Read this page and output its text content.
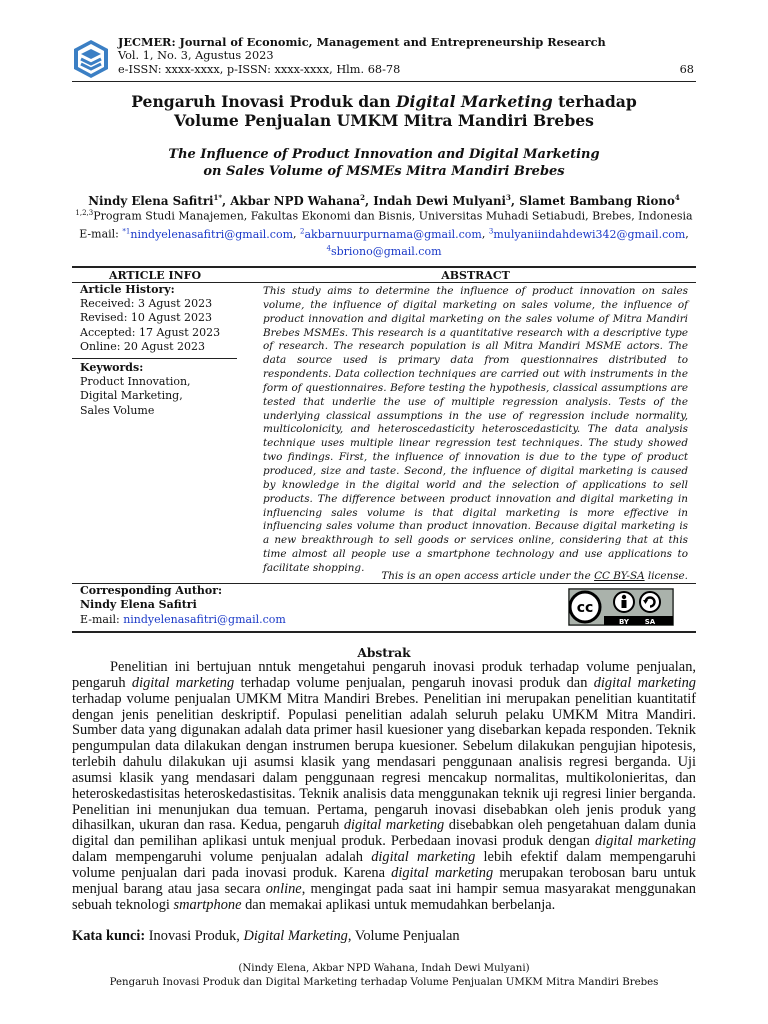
JECMER: Journal of Economic, Management and Entrepreneurship Research
Vol. 1, No. 3, Agustus 2023
e-ISSN: xxxx-xxxx, p-ISSN: xxxx-xxxx, Hlm. 68-78	68
Pengaruh Inovasi Produk dan Digital Marketing terhadap
Volume Penjualan UMKM Mitra Mandiri Brebes
The Influence of Product Innovation and Digital Marketing
on Sales Volume of MSMEs Mitra Mandiri Brebes
Nindy Elena Safitri$^{1*}$, Akbar NPD Wahana$^2$, Indah Dewi Mulyani$^3$, Slamet Bambang Riono$^4$
$^{1,2,3}$Program Studi Manajemen, Fakultas Ekonomi dan Bisnis, Universitas Muhadi Setiabudi, Brebes, Indonesia
E-mail: $^{*1}$nindyelenasafitri@gmail.com, $^2$akbarnuurpurnama@gmail.com, $^3$mulyaniindahdewi342@gmail.com,
$^4$sbriono@gmail.com
ARTICLE INFO	ABSTRACT
Article History:
Received: 3 Agust 2023
Revised: 10 Agust 2023
Accepted: 17 Agust 2023
Online: 20 Agust 2023
Keywords:
Product Innovation,
Digital Marketing,
Sales Volume
This study aims to determine the influence of product innovation on sales volume, the influence of digital marketing on sales volume, the influence of product innovation and digital marketing on the sales volume of Mitra Mandiri Brebes MSMEs. This research is a quantitative research with a descriptive type of research. The research population is all Mitra Mandiri MSME actors. The data source used is primary data from questionnaires distributed to respondents. Data collection techniques are carried out with instruments in the form of questionnaires. Before testing the hypothesis, classical assumptions are tested that underlie the use of multiple regression analysis. Tests of the underlying classical assumptions in the use of regression include normality, multicolonicity, and heteroscedasticity heteroscedasticity. The data analysis technique uses multiple linear regression test techniques. The study showed two findings. First, the influence of innovation is due to the type of product produced, size and taste. Second, the influence of digital marketing is caused by knowledge in the digital world and the selection of applications to sell products. The difference between product innovation and digital marketing in influencing sales volume is that digital marketing is more effective in influencing sales volume than product innovation. Because digital marketing is a new breakthrough to sell goods or services online, considering that at this time almost all people use a smartphone technology and use applications to facilitate shopping.
This is an open access article under the CC BY-SA license.
Corresponding Author:
Nindy Elena Safitri
E-mail: nindyelenasafitri@gmail.com
cc
BY SA
Abstrak
Penelitian ini bertujuan nntuk mengetahui pengaruh inovasi produk terhadap volume penjualan, pengaruh digital marketing terhadap volume penjualan, pengaruh inovasi produk dan digital marketing terhadap volume penjualan UMKM Mitra Mandiri Brebes. Penelitian ini merupakan penelitian kuantitatif dengan jenis penelitian deskriptif. Populasi penelitian adalah seluruh pelaku UMKM Mitra Mandiri. Sumber data yang digunakan adalah data primer hasil kuesioner yang disebarkan kepada responden. Teknik pengumpulan data dilakukan dengan instrumen berupa kuesioner. Sebelum dilakukan pengujian hipotesis, terlebih dahulu dilakukan uji asumsi klasik yang mendasari penggunaan analisis regresi berganda. Uji asumsi klasik yang mendasari dalam penggunaan regresi mencakup normalitas, multikolonieritas, dan heteroskedastisitas heteroskedastisitas. Teknik analisis data menggunakan teknik uji regresi linier berganda. Penelitian ini menunjukan dua temuan. Pertama, pengaruh inovasi disebabkan oleh jenis produk yang dihasilkan, ukuran dan rasa. Kedua, pengaruh digital marketing disebabkan oleh pengetahuan dalam dunia digital dan pemilihan aplikasi untuk menjual produk. Perbedaan inovasi produk dengan digital marketing dalam mempengaruhi volume penjualan adalah digital marketing lebih efektif dalam mempengaruhi volume penjualan dari pada inovasi produk. Karena digital marketing merupakan terobosan baru untuk menjual barang atau jasa secara online, mengingat pada saat ini hampir semua masyarakat menggunakan sebuah teknologi smartphone dan memakai aplikasi untuk memudahkan berbelanja.
Kata kunci: Inovasi Produk, Digital Marketing, Volume Penjualan
(Nindy Elena, Akbar NPD Wahana, Indah Dewi Mulyani)
Pengaruh Inovasi Produk dan Digital Marketing terhadap Volume Penjualan UMKM Mitra Mandiri Brebes
